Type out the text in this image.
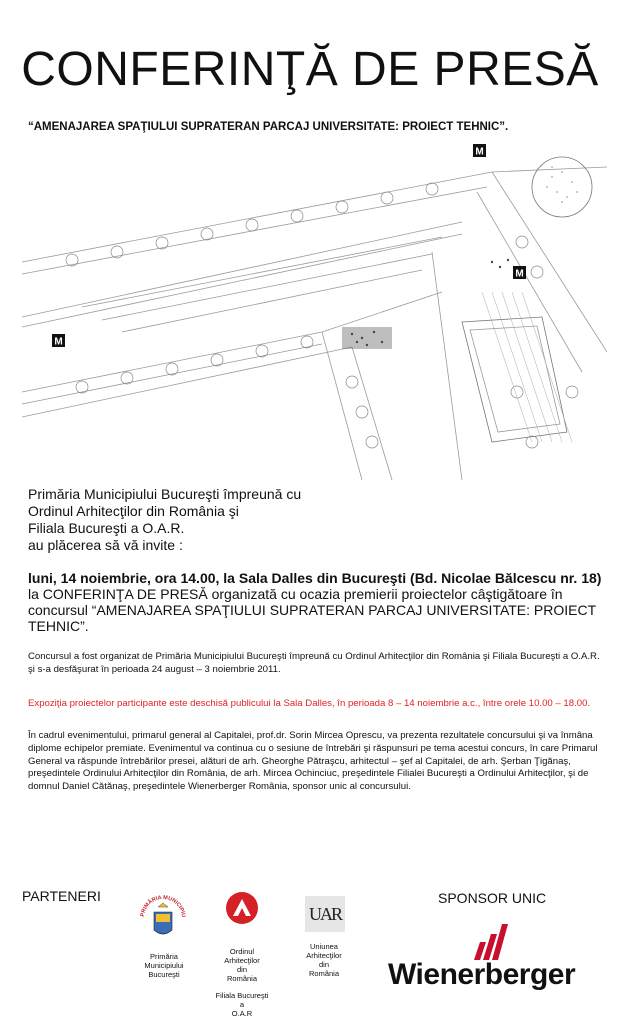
CONFERINŢĂ DE PRESĂ
“AMENAJAREA SPAŢIULUI SUPRATERAN PARCAJ UNIVERSITATE: PROIECT TEHNIC”.
M
M
M
Primăria Municipiului Bucureşti împreună cu
Ordinul Arhitecţilor din România şi
Filiala Bucureşti a O.A.R.
au plăcerea să vă invite :
luni, 14 noiembrie, ora 14.00, la Sala Dalles din Bucureşti (Bd. Nicolae Bălcescu nr. 18) la CONFERINŢA DE PRESĂ organizată cu ocazia premierii proiectelor câştigătoare în concursul “AMENAJAREA SPAŢIULUI SUPRATERAN PARCAJ UNIVERSITATE: PROIECT TEHNIC”.
Concursul a fost organizat de Primăria Municipiului Bucureşti împreună cu Ordinul Arhitecţilor din România şi Filiala Bucureşti a O.A.R. şi s-a desfăşurat în perioada 24 august – 3 noiembrie 2011.
Expoziţia proiectelor participante este deschisă publicului la Sala Dalles, în perioada 8 – 14 noiembrie a.c., între orele 10.00 – 18.00.
În cadrul evenimentului, primarul general al Capitalei, prof.dr. Sorin Mircea Oprescu, va prezenta rezultatele concursului şi va înmâna diplome echipelor premiate. Evenimentul va continua cu o sesiune de întrebări şi răspunsuri pe tema acestui concurs, în care Primarul General va răspunde întrebărilor presei, alături de arh. Gheorghe Pătraşcu, arhitectul – şef al Capitalei, de arh. Şerban Ţigănaş, preşedintele Ordinului Arhitecţilor din România, de arh. Mircea Ochinciuc, preşedintele Filialei Bucureşti a Ordinului Arhitecţilor, şi de domnul Daniel Cătănaş, preşedintele Wienerberger România, sponsor unic al concursului.
PARTENERI	SPONSOR UNIC
PRIMĂRIA MUNICIPIU
Primăria
Municipiului
Bucureşti
Ordinul
Arhitecţilor
din
România
Filiala Bucureşti
a
O.A.R
UAR
Uniunea
Arhitecţilor
din
România	Wienerberger
